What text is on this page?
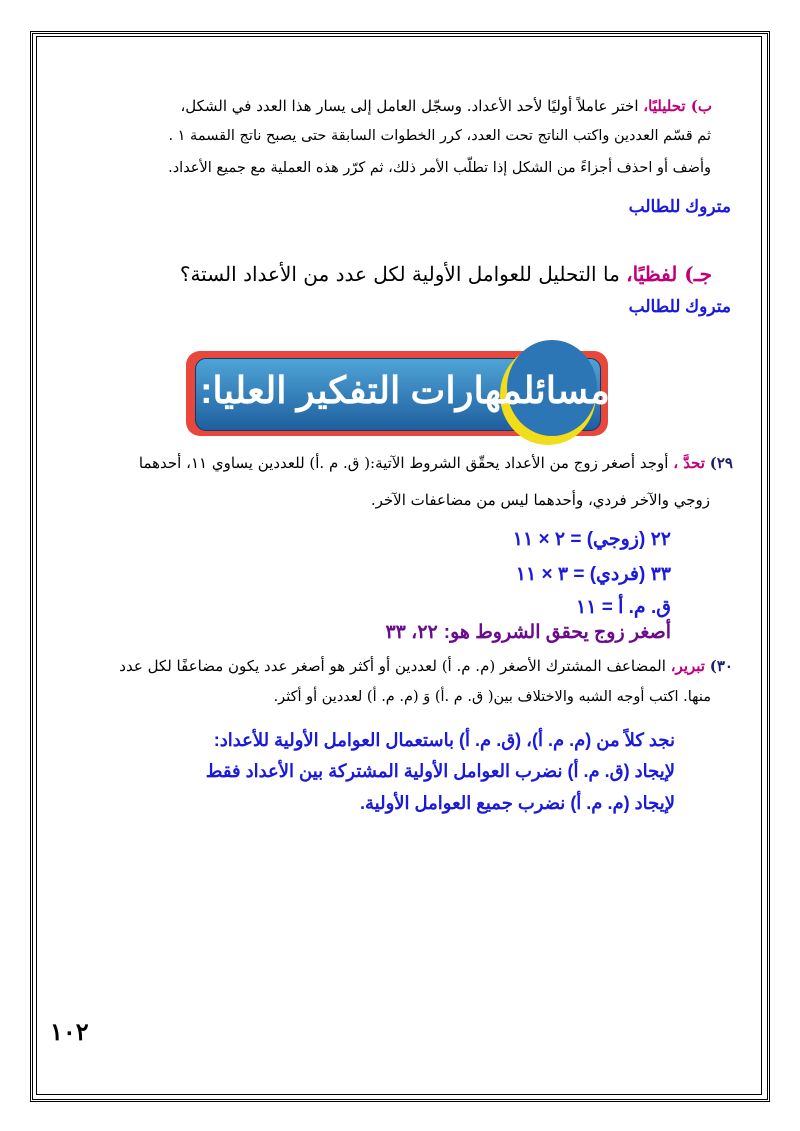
ب) تحليليًا، اختر عاملاً أوليًا لأحد الأعداد. وسجّل العامل إلى يسار هذا العدد في الشكل،
ثم قسّم العددين واكتب الناتج تحت العدد، كرر الخطوات السابقة حتى يصبح ناتج القسمة ١ .
وأضف أو احذف أجزاءً من الشكل إذا تطلّب الأمر ذلك، ثم كرّر هذه العملية مع جميع الأعداد.
متروك للطالب
جـ) لفظيًا، ما التحليل للعوامل الأولية لكل عدد من الأعداد الستة؟
متروك للطالب
مسائلمهارات التفكير العليا:
٢٩) تحدَّ ، أوجد أصغر زوج من الأعداد يحقّق الشروط الآتية:( ق. م .أ) للعددين يساوي ١١، أحدهما
زوجي والآخر فردي، وأحدهما ليس من مضاعفات الآخر.
٢٢ (زوجي) = ٢ × ١١
٣٣ (فردي) = ٣ × ١١
ق. م. أ = ١١
أصغر زوج يحقق الشروط هو: ٢٢، ٣٣
٣٠) تبرير، المضاعف المشترك الأصغر (م. م. أ) لعددين أو أكثر هو أصغر عدد يكون مضاعفًا لكل عدد
منها. اكتب أوجه الشبه والاختلاف بين( ق. م .أ) وَ (م. م. أ) لعددين أو أكثر.
نجد كلاً من (م. م. أ)، (ق. م. أ) باستعمال العوامل الأولية للأعداد:
لإيجاد (ق. م. أ) نضرب العوامل الأولية المشتركة بين الأعداد فقط
لإيجاد (م. م. أ) نضرب جميع العوامل الأولية.
١٠٢
